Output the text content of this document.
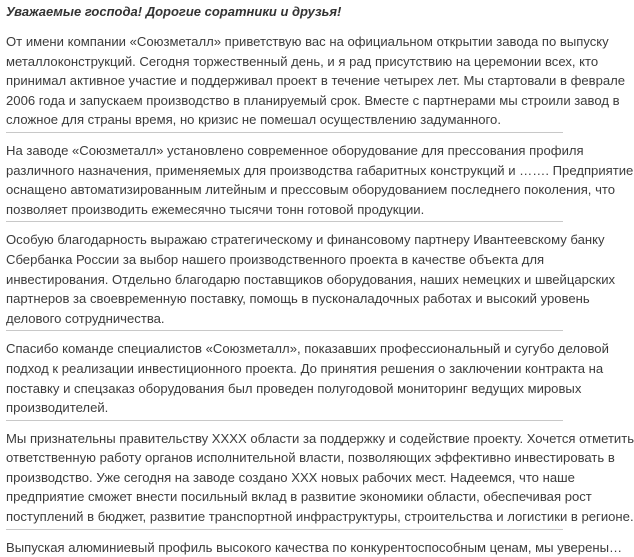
Уважаемые господа! Дорогие соратники и друзья!

От имени компании «Союзметалл» приветствую вас на официальном открытии завода по выпуску
металлоконструкций. Сегодня торжественный день, и я рад присутствию на церемонии всех, кто
принимал активное участие и поддерживал проект в течение четырех лет. Мы стартовали в феврале
2006 года и запускаем производство в планируемый срок. Вместе с партнерами мы строили завод в
сложное для страны время, но кризис не помешал осуществлению задуманного.

На заводе «Союзметалл» установлено современное оборудование для прессования профиля
различного назначения, применяемых для производства габаритных конструкций и ……. Предприятие
оснащено автоматизированным литейным и прессовым оборудованием последнего поколения, что
позволяет производить ежемесячно тысячи тонн готовой продукции.

Особую благодарность выражаю стратегическому и финансовому партнеру Ивантеевскому банку
Сбербанка России за выбор нашего производственного проекта в качестве объекта для
инвестирования. Отдельно благодарю поставщиков оборудования, наших немецких и швейцарских
партнеров за своевременную поставку, помощь в пусконаладочных работах и высокий уровень
делового сотрудничества.

Спасибо команде специалистов «Союзметалл», показавших профессиональный и сугубо деловой
подход к реализации инвестиционного проекта. До принятия решения о заключении контракта на
поставку и спецзаказ оборудования был проведен полугодовой мониторинг ведущих мировых
производителей.

Мы признательны правительству ХХХХ области за поддержку и содействие проекту. Хочется отметить
ответственную работу органов исполнительной власти, позволяющих эффективно инвестировать в
производство. Уже сегодня на заводе создано ХХХ новых рабочих мест. Надеемся, что наше
предприятие сможет внести посильный вклад в развитие экономики области, обеспечивая рост
поступлений в бюджет, развитие транспортной инфраструктуры, строительства и логистики в регионе.

Выпуская алюминиевый профиль высокого качества по конкурентоспособным ценам, мы уверены…
